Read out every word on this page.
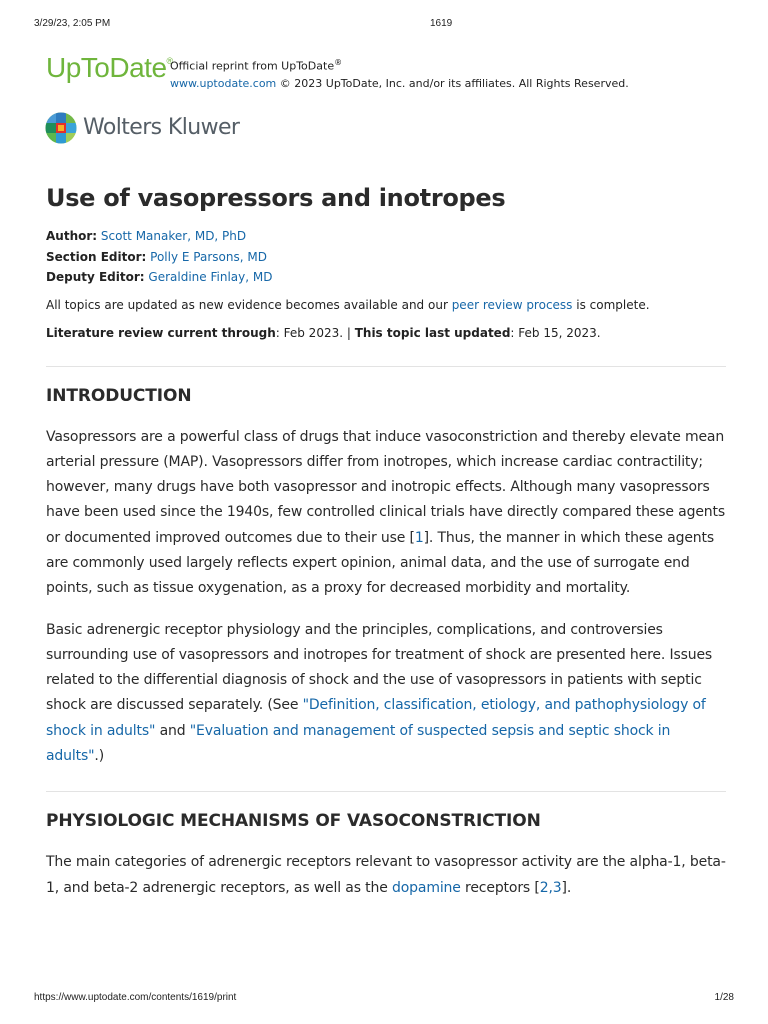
3/29/23, 2:05 PM	1619
UpToDate®
Official reprint from UpToDate®
www.uptodate.com © 2023 UpToDate, Inc. and/or its affiliates. All Rights Reserved.
Wolters Kluwer
Use of vasopressors and inotropes
Author: Scott Manaker, MD, PhD
Section Editor: Polly E Parsons, MD
Deputy Editor: Geraldine Finlay, MD
All topics are updated as new evidence becomes available and our peer review process is complete.
Literature review current through: Feb 2023. | This topic last updated: Feb 15, 2023.
INTRODUCTION

Vasopressors are a powerful class of drugs that induce vasoconstriction and thereby elevate mean arterial pressure (MAP). Vasopressors differ from inotropes, which increase cardiac contractility; however, many drugs have both vasopressor and inotropic effects. Although many vasopressors have been used since the 1940s, few controlled clinical trials have directly compared these agents or documented improved outcomes due to their use [1]. Thus, the manner in which these agents are commonly used largely reflects expert opinion, animal data, and the use of surrogate end points, such as tissue oxygenation, as a proxy for decreased morbidity and mortality.

Basic adrenergic receptor physiology and the principles, complications, and controversies surrounding use of vasopressors and inotropes for treatment of shock are presented here. Issues related to the differential diagnosis of shock and the use of vasopressors in patients with septic shock are discussed separately. (See "Definition, classification, etiology, and pathophysiology of shock in adults" and "Evaluation and management of suspected sepsis and septic shock in adults".)

PHYSIOLOGIC MECHANISMS OF VASOCONSTRICTION

The main categories of adrenergic receptors relevant to vasopressor activity are the alpha-1, beta-1, and beta-2 adrenergic receptors, as well as the dopamine receptors [2,3].

https://www.uptodate.com/contents/1619/print	1/28
